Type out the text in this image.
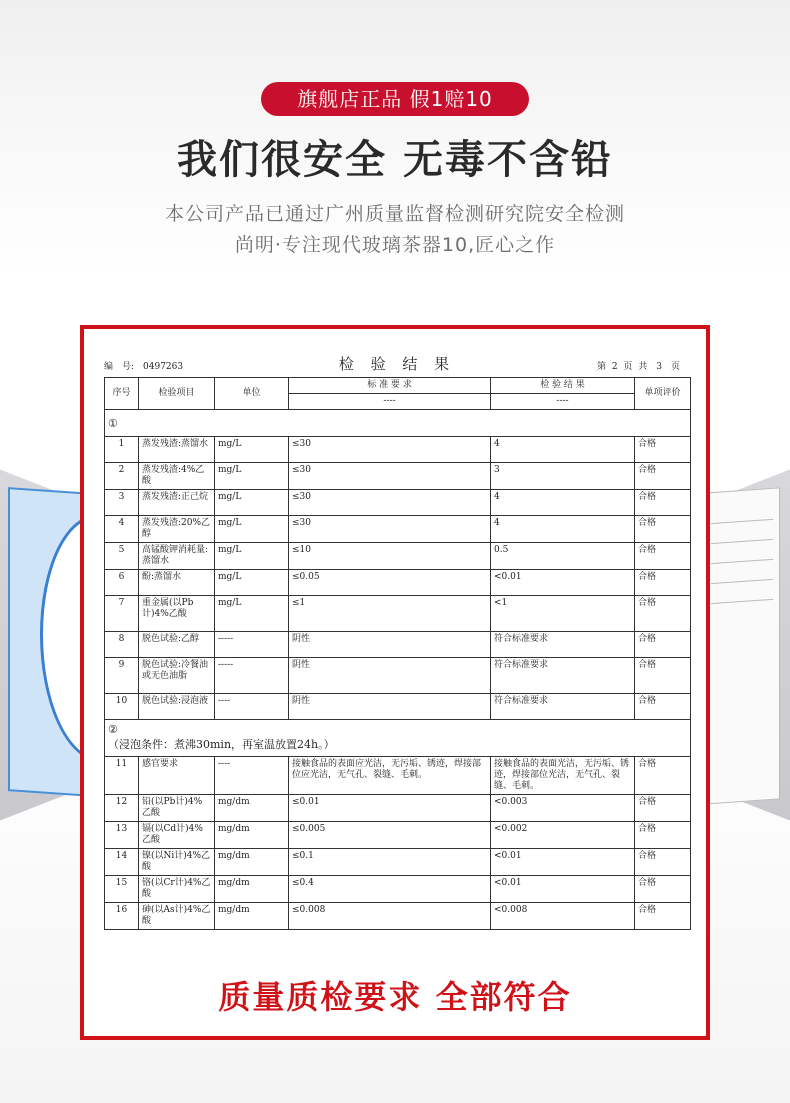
旗舰店正品 假1赔10
我们很安全 无毒不含铅
本公司产品已通过广州质量监督检测研究院安全检测
尚明·专注现代玻璃茶器10,匠心之作
编　号:　0497263	检 验 结 果	第 2 页 共　3　页
序号	检验项目	单位	标 准 要 求	检 验 结 果	单项评价
			----	----	
①					
1	蒸发残渣:蒸馏水	mg/L	≤30	4	合格
2	蒸发残渣:4%乙酸	mg/L	≤30	3	合格
3	蒸发残渣:正己烷	mg/L	≤30	4	合格
4	蒸发残渣:20%乙醇	mg/L	≤30	4	合格
5	高锰酸钾消耗量:蒸馏水	mg/L	≤10	0.5	合格
6	酚:蒸馏水	mg/L	≤0.05	<0.01	合格
7	重金属(以Pb计)4%乙酸	mg/L	≤1	<1	合格
8	脱色试验:乙醇	-----	阴性	符合标准要求	合格
9	脱色试验:冷餐油或无色油脂	-----	阴性	符合标准要求	合格
10	脱色试验:浸泡液	----	阴性	符合标准要求	合格

②
（浸泡条件：煮沸30min，再室温放置24h。）					

11	感官要求	----	接触食品的表面应光洁，无污垢、锈迹，焊接部位应光洁，无气孔、裂缝、毛刺。	接触食品的表面光洁，无污垢、锈迹，焊接部位光洁，无气孔、裂缝、毛刺。	合格
12	铅(以Pb计)4%乙酸	mg/dm	≤0.01	<0.003	合格
13	镉(以Cd计)4%乙酸	mg/dm	≤0.005	<0.002	合格
14	镍(以Ni计)4%乙酸	mg/dm	≤0.1	<0.01	合格
15	铬(以Cr计)4%乙酸	mg/dm	≤0.4	<0.01	合格
16	砷(以As计)4%乙酸	mg/dm	≤0.008	<0.008	合格
质量质检要求 全部符合
